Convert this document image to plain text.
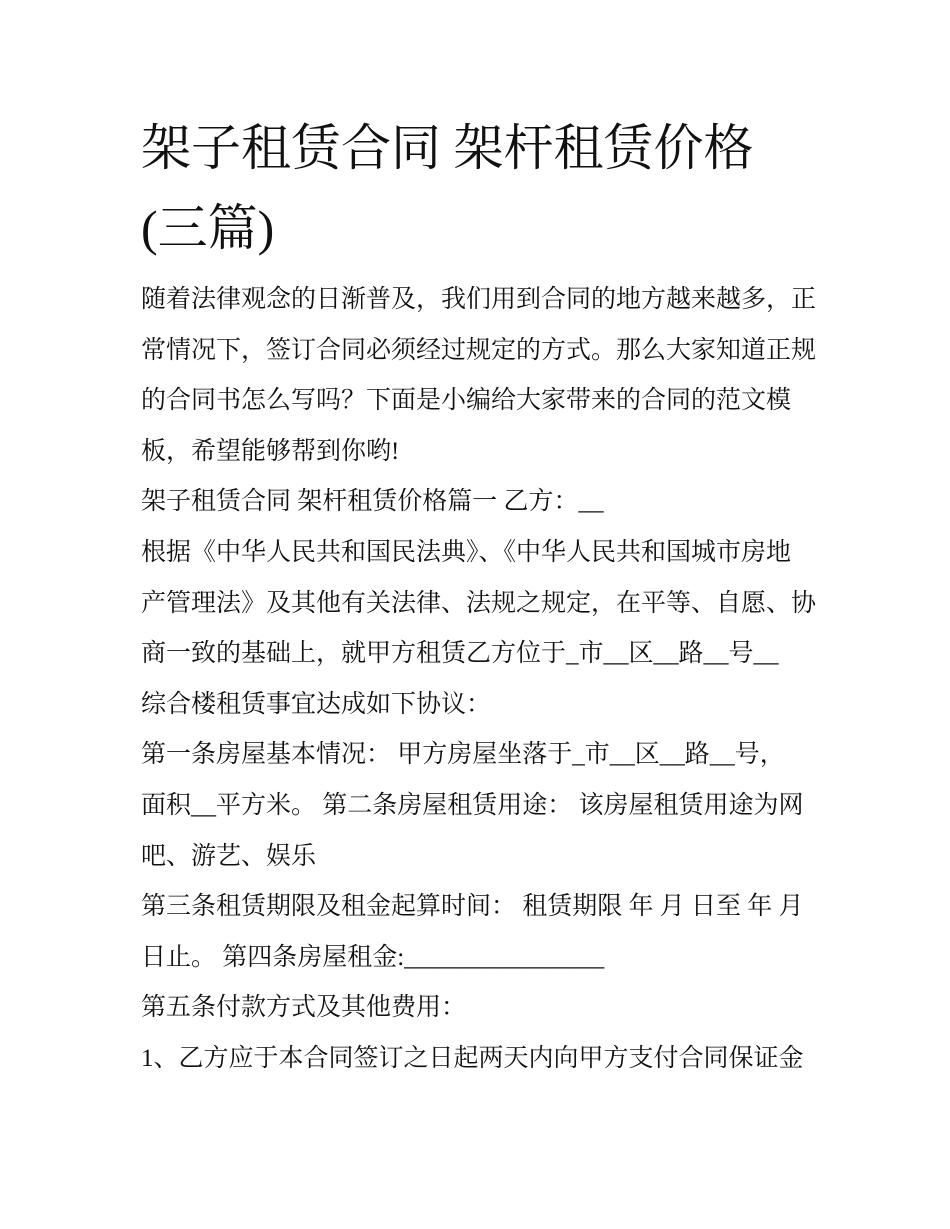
架子租赁合同 架杆租赁价格
(三篇)
随着法律观念的日渐普及，我们用到合同的地方越来越多，正
常情况下，签订合同必须经过规定的方式。那么大家知道正规
的合同书怎么写吗？下面是小编给大家带来的合同的范文模
板，希望能够帮到你哟!
架子租赁合同 架杆租赁价格篇一 乙方：__
根据《中华人民共和国民法典》、《中华人民共和国城市房地
产管理法》及其他有关法律、法规之规定，在平等、自愿、协
商一致的基础上，就甲方租赁乙方位于_市__区__路__号__
综合楼租赁事宜达成如下协议：
第一条房屋基本情况： 甲方房屋坐落于_市__区__路__号，
面积__平方米。 第二条房屋租赁用途： 该房屋租赁用途为网
吧、游艺、娱乐
第三条租赁期限及租金起算时间： 租赁期限 年 月 日至 年 月
日止。 第四条房屋租金:________________
第五条付款方式及其他费用：
1、乙方应于本合同签订之日起两天内向甲方支付合同保证金
